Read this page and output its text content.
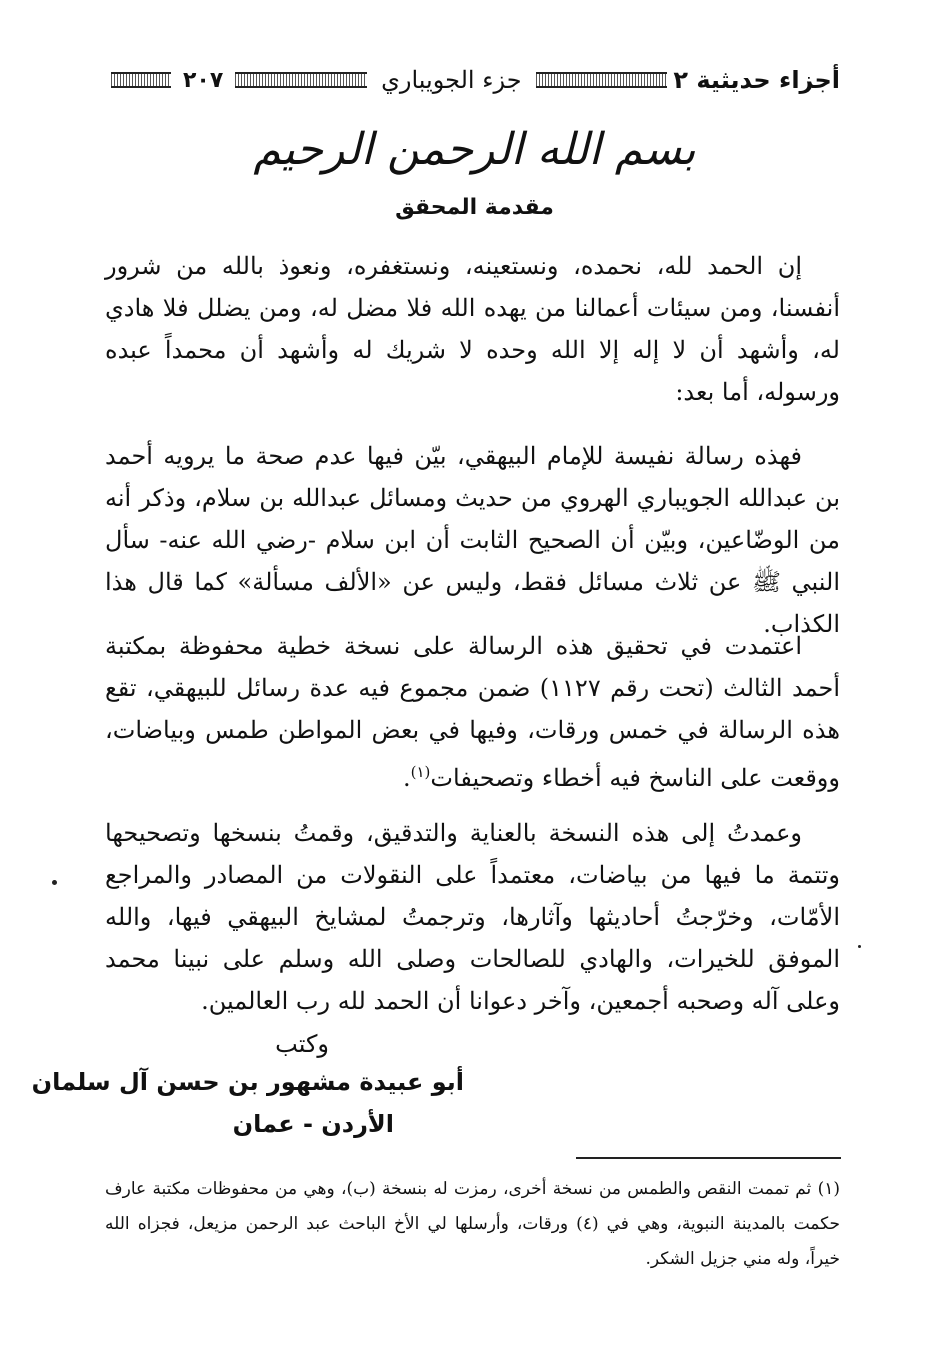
أجزاء حديثية ٢
جزء الجويباري
٢٠٧
بسم الله الرحمن الرحيم
مقدمة المحقق

إن الحمد لله، نحمده، ونستعينه، ونستغفره، ونعوذ بالله من شرور أنفسنا، ومن سيئات أعمالنا من يهده الله فلا مضل له، ومن يضلل فلا هادي له، وأشهد أن لا إله إلا الله وحده لا شريك له وأشهد أن محمداً عبده ورسوله، أما بعد:

فهذه رسالة نفيسة للإمام البيهقي، بيّن فيها عدم صحة ما يرويه أحمد بن عبدالله الجويباري الهروي من حديث ومسائل عبدالله بن سلام، وذكر أنه من الوضّاعين، وبيّن أن الصحيح الثابت أن ابن سلام -رضي الله عنه- سأل النبي ﷺ عن ثلاث مسائل فقط، وليس عن «الألف مسألة» كما قال هذا الكذاب.

اعتمدت في تحقيق هذه الرسالة على نسخة خطية محفوظة بمكتبة أحمد الثالث (تحت رقم ١١٢٧) ضمن مجموع فيه عدة رسائل للبيهقي، تقع هذه الرسالة في خمس ورقات، وفيها في بعض المواطن طمس وبياضات، ووقعت على الناسخ فيه أخطاء وتصحيفات$^{(١)}$.

وعمدتُ إلى هذه النسخة بالعناية والتدقيق، وقمتُ بنسخها وتصحيحها وتتمة ما فيها من بياضات، معتمداً على النقولات من المصادر والمراجع الأمّات، وخرّجتُ أحاديثها وآثارها، وترجمتُ لمشايخ البيهقي فيها، والله الموفق للخيرات، والهادي للصالحات وصلى الله وسلم على نبينا محمد وعلى آله وصحبه أجمعين، وآخر دعوانا أن الحمد لله رب العالمين.

وكتب
أبو عبيدة مشهور بن حسن آل سلمان
الأردن - عمان

(١) ثم تممت النقص والطمس من نسخة أخرى، رمزت له بنسخة (ب)، وهي من محفوظات مكتبة عارف حكمت بالمدينة النبوية، وهي في (٤) ورقات، وأرسلها لي الأخ الباحث عبد الرحمن مزيعل، فجزاه الله خيراً، وله مني جزيل الشكر.
